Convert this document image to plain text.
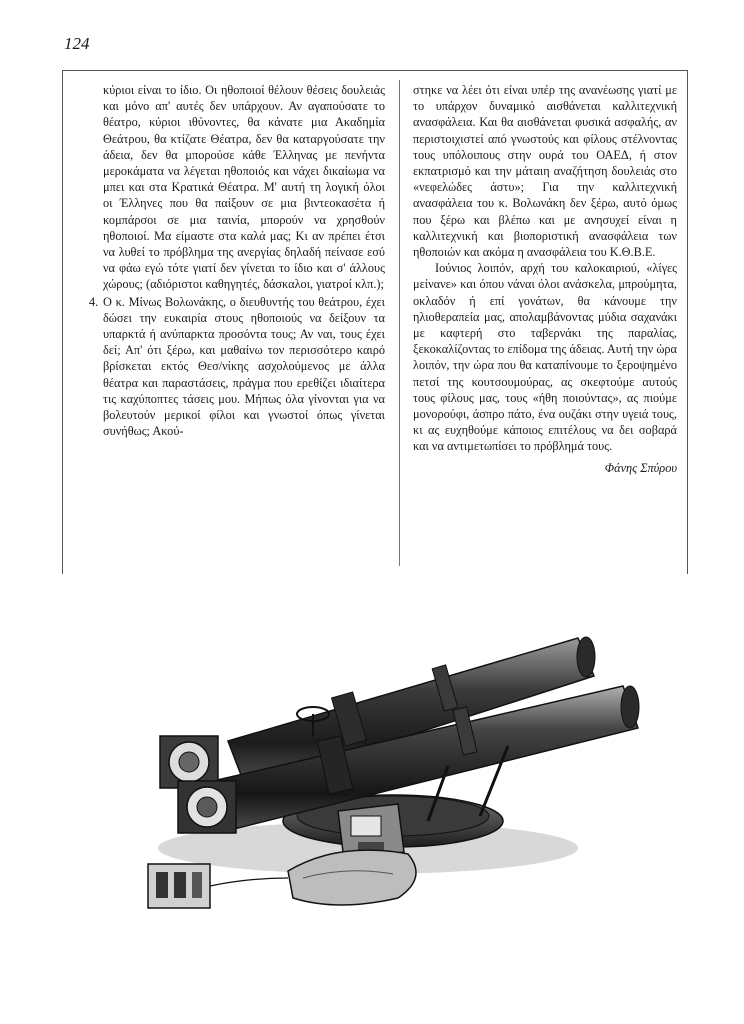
124

κύριοι είναι το ίδιο. Οι ηθοποιοί θέλουν θέσεις δουλειάς και μόνο απ' αυτές δεν υπάρχουν. Αν αγαπούσατε το θέατρο, κύριοι ιθύνοντες, θα κάνατε μια Ακαδημία Θεάτρου, θα κτίζατε Θέατρα, δεν θα καταργούσατε την άδεια, δεν θα μπορούσε κάθε Έλληνας με πενήντα μεροκάματα να λέγεται ηθοποιός και νάχει δικαίωμα να μπει και στα Κρατικά Θέατρα. Μ' αυτή τη λογική όλοι οι Έλληνες που θα παίξουν σε μια βιντεοκασέτα ή κομπάρσοι σε μια ταινία, μπορούν να χρησθούν ηθοποιοί. Μα είμαστε στα καλά μας; Κι αν πρέπει έτσι να λυθεί το πρόβλημα της ανεργίας δηλαδή πείνασε εσύ να φάω εγώ τότε γιατί δεν γίνεται το ίδιο και σ' άλλους χώρους; (αδιόριστοι καθηγητές, δάσκαλοι, γιατροί κλπ.);

4. Ο κ. Μίνως Βολωνάκης, ο διευθυντής του θεάτρου, έχει δώσει την ευκαιρία στους ηθοποιούς να δείξουν τα υπαρκτά ή ανύπαρκτα προσόντα τους; Αν ναι, τους έχει δεί; Απ' ότι ξέρω, και μαθαίνω τον περισσότερο καιρό βρίσκεται εκτός Θεσ/νίκης ασχολούμενος με άλλα θέατρα και παραστάσεις, πράγμα που ερεθίζει ιδιαίτερα τις καχύποπτες τάσεις μου. Μήπως όλα γίνονται για να βολευτούν μερικοί φίλοι και γνωστοί όπως γίνεται συνήθως; Ακού-

στηκε να λέει ότι είναι υπέρ της ανανέωσης γιατί με το υπάρχον δυναμικό αισθάνεται καλλιτεχνική ανασφάλεια. Και θα αισθάνεται φυσικά ασφαλής, αν περιστοιχιστεί από γνωστούς και φίλους στέλνοντας τους υπόλοιπους στην ουρά του ΟΑΕΔ, ή στον εκπατρισμό και την μάταιη αναζήτηση δουλειάς στο «νεφελώδες άστυ»; Για την καλλιτεχνική ανασφάλεια του κ. Βολωνάκη δεν ξέρω, αυτό όμως που ξέρω και βλέπω και με ανησυχεί είναι η καλλιτεχνική και βιοποριστική ανασφάλεια των ηθοποιών και ακόμα η ανασφάλεια του Κ.Θ.Β.Ε.

Ιούνιος λοιπόν, αρχή του καλοκαιριού, «λίγες μείνανε» και όπου νάναι όλοι ανάσκελα, μπρούμητα, οκλαδόν ή επί γονάτων, θα κάνουμε την ηλιοθεραπεία μας, απολαμβάνοντας μύδια σαχανάκι με καφτερή στο ταβερνάκι της παραλίας, ξεκοκαλίζοντας το επίδομα της άδειας. Αυτή την ώρα λοιπόν, την ώρα που θα καταπίνουμε το ξεροψημένο πετσί της κουτσουμούρας, ας σκεφτούμε αυτούς τους φίλους μας, τους «ήθη ποιούντας», ας πιούμε μονορούφι, άσπρο πάτο, ένα ουζάκι στην υγειά τους, κι ας ευχηθούμε κάποιος επιτέλους να δει σοβαρά και να αντιμετωπίσει το πρόβλημά τους.

Φάνης Σπύρου
